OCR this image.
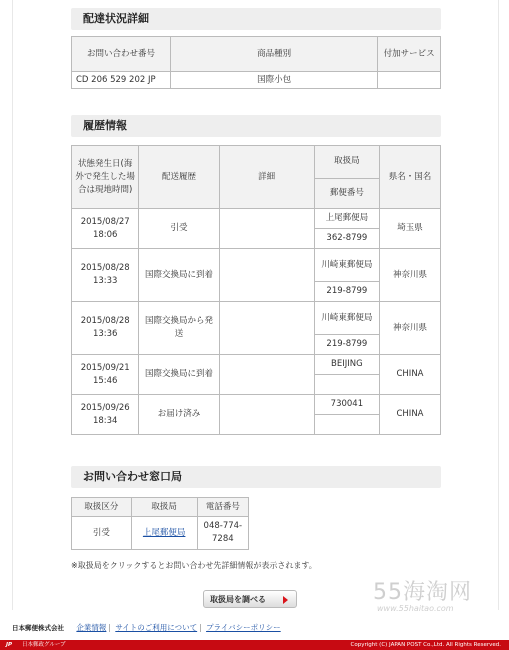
配達状況詳細
お問い合わせ番号	商品種別	付加サービス
CD 206 529 202 JP	国際小包	
履歴情報
状態発生日(海外で発生した場合は現地時間)	配送履歴	詳細	取扱局	県名・国名
			郵便番号	
2015/08/27
18:06	引受		上尾郵便局	埼玉県
			362-8799	
2015/08/28
13:33	国際交換局に到着		川崎東郵便局	神奈川県
			219-8799	
2015/08/28
13:36	国際交換局から発送		川崎東郵便局	神奈川県
			219-8799	
2015/09/21
15:46	国際交換局に到着		BEIJING	CHINA

2015/09/26
18:34	お届け済み		730041	CHINA

お問い合わせ窓口局
取扱区分	取扱局	電話番号
引受	上尾郵便局	048-774-7284
※取扱局をクリックするとお問い合わせ先詳細情報が表示されます。
取扱局を調べる	55海淘网
www.55haitao.com
日本郵便株式会社 企業情報 | サイトのご利用について | プライバシーポリシー
JP 日本郵政グループ	Copyright (C) JAPAN POST Co.,Ltd. All Rights Reserved.
